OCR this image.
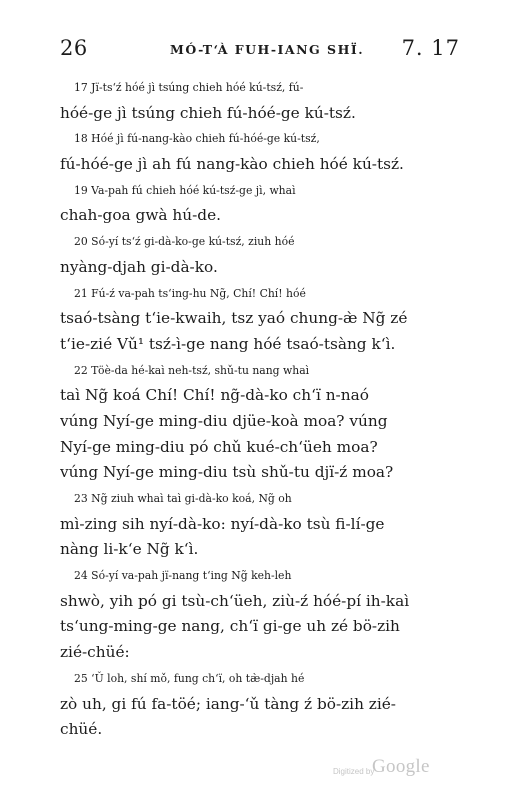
26	MÓ-T‘À FUH-IANG SHÏ. 7. 17
17 Jï-ts‘ź hóé jì tsúng chieh hóé kú-tsź, fú-
hóé-ge jì tsúng chieh fú-hóé-ge kú-tsź.
18 Hóé jì fú-nang-kào chieh fú-hóé-ge kú-tsź,
fú-hóé-ge jì ah fú nang-kào chieh hóé kú-tsź.
19 Va-pah fú chieh hóé kú-tsź-ge jì, whaì
chah-goa gwà hú-de.
20 Só-yí ts‘ź gi-dà-ko-ge kú-tsź, ziuh hóé
nyàng-djah gi-dà-ko.
21 Fú-ź va-pah ts‘ing-hu Ng̃, Chí! Chí! hóé
tsaó-tsàng t‘ie-kwaih, tsz yaó chung-æ̀ Ng̃ zé
t‘ie-zié Vǔ¹ tsź-ì-ge nang hóé tsaó-tsàng k‘ì.
22 Töè-da hé-kaì neh-tsź, shǔ-tu nang whaì
taì Ng̃ koá Chí! Chí! ng̃-dà-ko ch‘ï n-naó
vúng Nyí-ge ming-diu djüe-koà moa? vúng
Nyí-ge ming-diu pó chǔ kué-ch‘üeh moa?
vúng Nyí-ge ming-diu tsù shǔ-tu djï-ź moa?
23 Ng̃ ziuh whaì taì gi-dà-ko koá, Ng̃ oh
mì-zing sih nyí-dà-ko: nyí-dà-ko tsù fi-lí-ge
nàng li-k‘e Ng̃ k‘ì.
24 Só-yí va-pah jï-nang t‘ing Ng̃ keh-leh
shwò, yih pó gi tsù-ch‘üeh, ziù-ź hóé-pí ih-kaì
ts‘ung-ming-ge nang, ch‘ï gi-ge uh zé bö-zih
zié-chüé:
25 ‘Ǔ loh, shí mǒ, fung ch‘ï, oh tæ̀-djah hé
zò uh, gi fú fa-töé; iang-‘ǔ tàng ź bö-zih zié-
chüé.
Digitized by
Google
